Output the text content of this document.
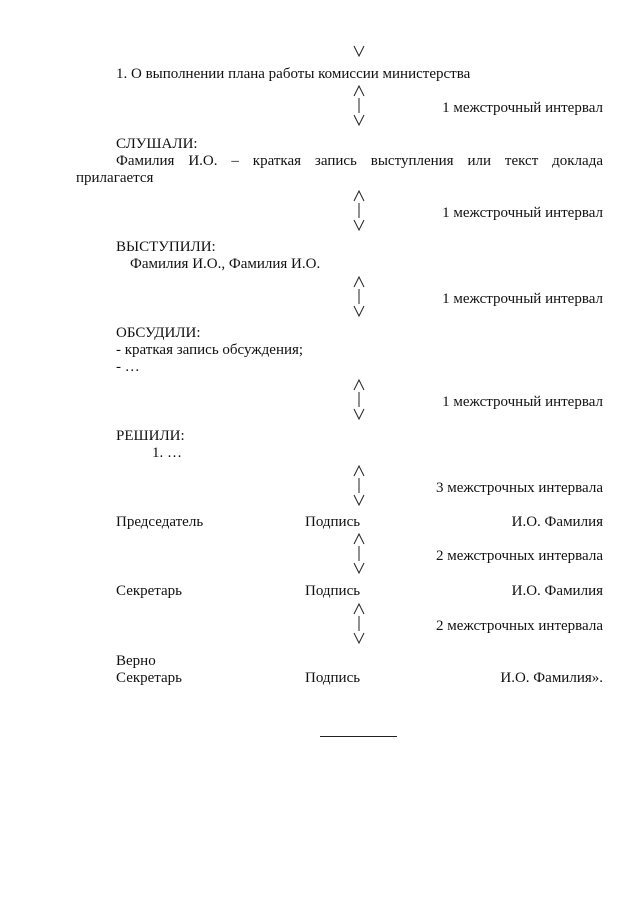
1. О выполнении плана работы комиссии министерства
1 межстрочный интервал
СЛУШАЛИ:
Фамилия И.О. – краткая запись выступления или текст доклада
прилагается
1 межстрочный интервал
ВЫСТУПИЛИ:
Фамилия И.О., Фамилия И.О.
1 межстрочный интервал
ОБСУДИЛИ:
- краткая запись обсуждения;
- …
1 межстрочный интервал
РЕШИЛИ:
1. …
3 межстрочных интервала
Председатель	Подпись	И.О. Фамилия
2 межстрочных интервала
Секретарь	Подпись	И.О. Фамилия
2 межстрочных интервала
Верно
Секретарь	Подпись	И.О. Фамилия».
